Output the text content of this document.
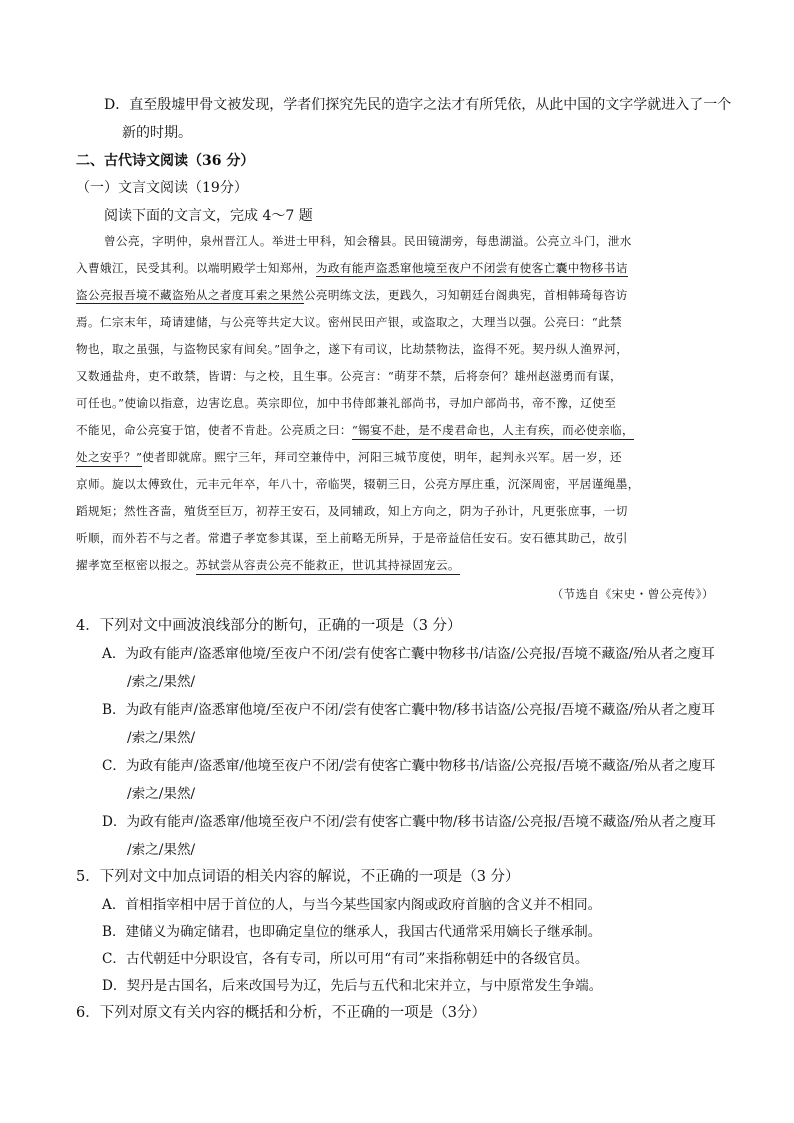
D．直至殷墟甲骨文被发现，学者们探究先民的造字之法才有所凭依，从此中国的文字学就进入了一个
新的时期。
二、古代诗文阅读（36 分）
（一）文言文阅读（19分）
阅读下面的文言文，完成 4～7 题
曾公亮，字明仲，泉州晋江人。举进士甲科，知会稽县。民田镜湖旁，每患湖溢。公亮立斗门，泄水
入曹娥江，民受其利。以端明殿学士知郑州，为政有能声盗悉窜他境至夜户不闭尝有使客亡囊中物移书诘
盗公亮报吾境不藏盗殆从之者度耳索之果然公亮明练文法，更践久，习知朝廷台阁典宪，首相韩琦每咨访
焉。仁宗末年，琦请建储，与公亮等共定大议。密州民田产银，或盗取之，大理当以强。公亮曰：“此禁
物也，取之虽强，与盗物民家有间矣。”固争之，遂下有司议，比劫禁物法，盗得不死。契丹纵人渔界河，
又数通盐舟，吏不敢禁，皆谓：与之校，且生事。公亮言：“萌芽不禁，后将奈何？雄州赵滋勇而有谋，
可任也。”使谕以指意，边害讫息。英宗即位，加中书侍郎兼礼部尚书，寻加户部尚书，帝不豫，辽使至
不能见，命公亮宴于馆，使者不肯赴。公亮质之曰：“锡宴不赴，是不虔君命也，人主有疾，而必使亲临，
处之安乎？”使者即就席。熙宁三年，拜司空兼侍中，河阳三城节度使，明年，起判永兴军。居一岁，还
京师。旋以太傅致仕，元丰元年卒，年八十，帝临哭，辍朝三日，公亮方厚庄重，沉深周密，平居谨绳墨，
蹈规矩；然性吝啬，殖货至巨万，初荐王安石，及同辅政，知上方向之，阴为子孙计，凡更张庶事，一切
听顺，而外若不与之者。常遣子孝宽参其谋，至上前略无所异，于是帝益信任安石。安石德其助己，故引
擢孝宽至枢密以报之。苏轼尝从容责公亮不能救正，世讥其持禄固宠云。
（节选自《宋史・曾公亮传》）
4．下列对文中画波浪线部分的断句，正确的一项是（3 分）
A．为政有能声/盗悉窜他境/至夜户不闭/尝有使客亡囊中物移书/诘盗/公亮报/吾境不藏盗/殆从者之廋耳
/索之/果然/
B．为政有能声/盗悉窜他境/至夜户不闭/尝有使客亡囊中物/移书诘盗/公亮报/吾境不藏盗/殆从者之廋耳
/索之/果然/
C．为政有能声/盗悉窜/他境至夜户不闭/尝有使客亡囊中物移书/诘盗/公亮报/吾境不藏盗/殆从者之廋耳
/索之/果然/
D．为政有能声/盗悉窜/他境至夜户不闭/尝有使客亡囊中物/移书诘盗/公亮报/吾境不藏盗/殆从者之廋耳
/索之/果然/
5．下列对文中加点词语的相关内容的解说，不正确的一项是（3 分）
A．首相指宰相中居于首位的人，与当今某些国家内阁或政府首脑的含义并不相同。
B．建储义为确定储君，也即确定皇位的继承人，我国古代通常采用嫡长子继承制。
C．古代朝廷中分职设官，各有专司，所以可用“有司”来指称朝廷中的各级官员。
D．契丹是古国名，后来改国号为辽，先后与五代和北宋并立，与中原常发生争端。
6．下列对原文有关内容的概括和分析，不正确的一项是（3分）
